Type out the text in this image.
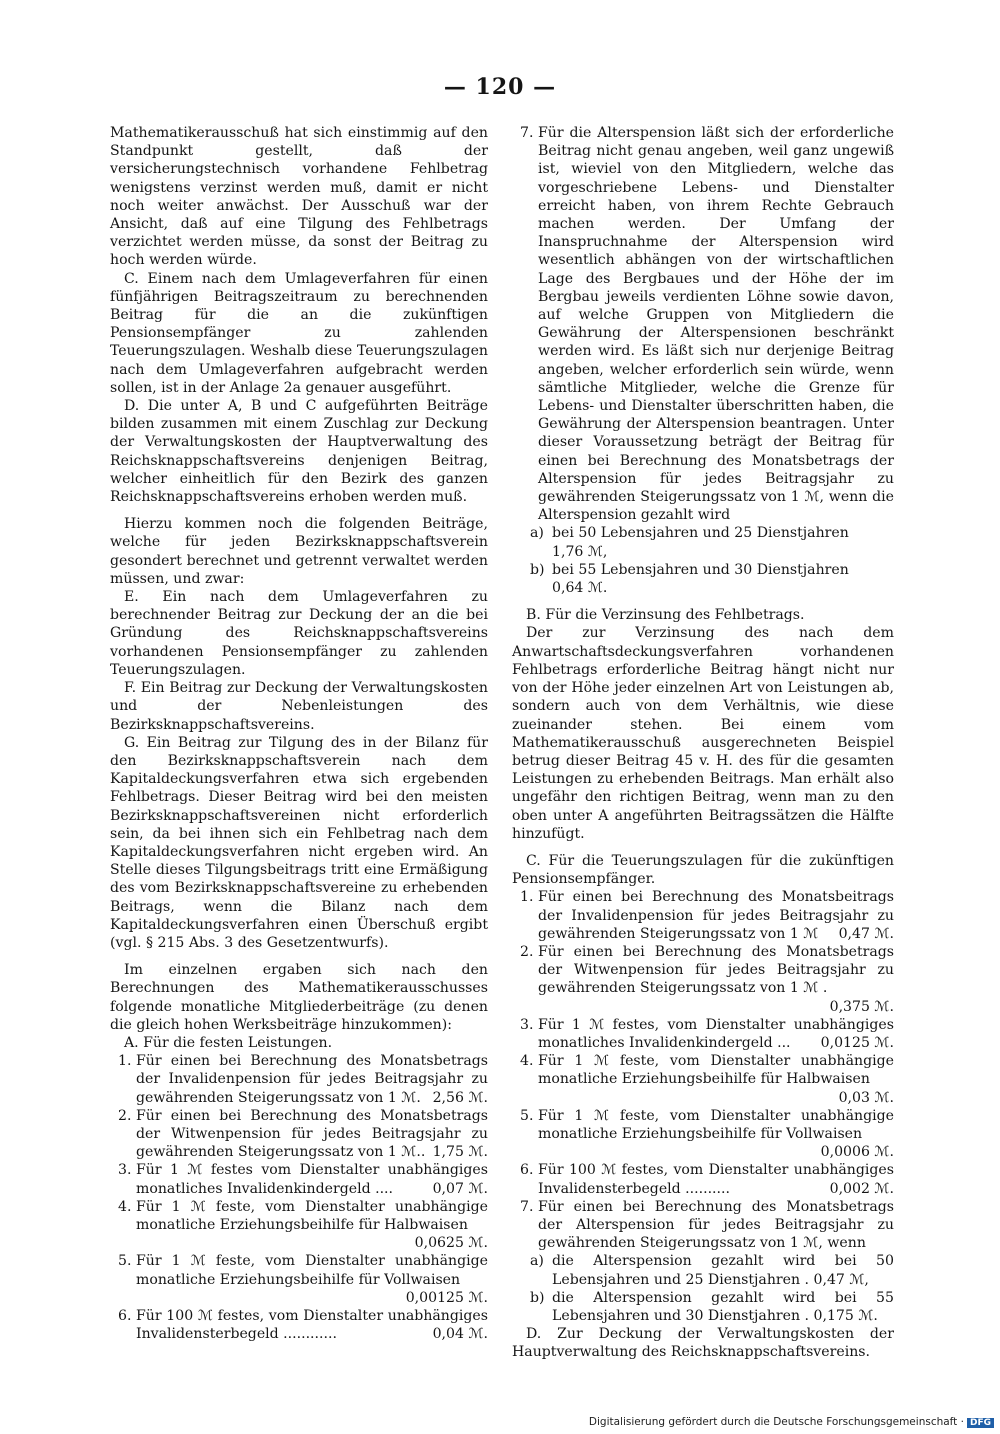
— 120 —

Mathematikerausschuß hat sich einstimmig auf den Standpunkt gestellt, daß der versicherungstechnisch vorhandene Fehlbetrag wenigstens verzinst werden muß, damit er nicht noch weiter anwächst. Der Ausschuß war der Ansicht, daß auf eine Tilgung des Fehlbetrags verzichtet werden müsse, da sonst der Beitrag zu hoch werden würde.

C. Einem nach dem Umlageverfahren für einen fünfjährigen Beitragszeitraum zu berechnenden Beitrag für die an die zukünftigen Pensionsempfänger zu zahlenden Teuerungszulagen. Weshalb diese Teuerungszulagen nach dem Umlageverfahren aufgebracht werden sollen, ist in der Anlage 2a genauer ausgeführt.

D. Die unter A, B und C aufgeführten Beiträge bilden zusammen mit einem Zuschlag zur Deckung der Verwaltungskosten der Hauptverwaltung des Reichsknappschaftsvereins denjenigen Beitrag, welcher einheitlich für den Bezirk des ganzen Reichsknappschaftsvereins erhoben werden muß.

Hierzu kommen noch die folgenden Beiträge, welche für jeden Bezirksknappschaftsverein gesondert berechnet und getrennt verwaltet werden müssen, und zwar:

E. Ein nach dem Umlageverfahren zu berechnender Beitrag zur Deckung der an die bei Gründung des Reichsknappschaftsvereins vorhandenen Pensionsempfänger zu zahlenden Teuerungszulagen.

F. Ein Beitrag zur Deckung der Verwaltungskosten und der Nebenleistungen des Bezirksknappschaftsvereins.

G. Ein Beitrag zur Tilgung des in der Bilanz für den Bezirksknappschaftsverein nach dem Kapitaldeckungsverfahren etwa sich ergebenden Fehlbetrags. Dieser Beitrag wird bei den meisten Bezirksknappschaftsvereinen nicht erforderlich sein, da bei ihnen sich ein Fehlbetrag nach dem Kapitaldeckungsverfahren nicht ergeben wird. An Stelle dieses Tilgungsbeitrags tritt eine Ermäßigung des vom Bezirksknappschaftsvereine zu erhebenden Beitrags, wenn die Bilanz nach dem Kapitaldeckungsverfahren einen Überschuß ergibt (vgl. § 215 Abs. 3 des Gesetzentwurfs).

Im einzelnen ergaben sich nach den Berechnungen des Mathematikerausschusses folgende monatliche Mitgliederbeiträge (zu denen die gleich hohen Werksbeiträge hinzukommen):

A. Für die festen Leistungen.

1. Für einen bei Berechnung des Monatsbetrags der Invalidenpension für jedes Beitragsjahr zu gewährenden Steigerungssatz von 1 ℳ. 2,56 ℳ.
2. Für einen bei Berechnung des Monatsbetrags der Witwenpension für jedes Beitragsjahr zu gewährenden Steigerungssatz von 1 ℳ.. 1,75 ℳ.
3. Für 1 ℳ festes vom Dienstalter unabhängiges monatliches Invalidenkindergeld ....	0,07 ℳ.
4. Für 1 ℳ feste, vom Dienstalter unabhängige monatliche Erziehungsbeihilfe für Halbwaisen
0,0625 ℳ.
5. Für 1 ℳ feste, vom Dienstalter unabhängige monatliche Erziehungsbeihilfe für Vollwaisen
0,00125 ℳ.
6. Für 100 ℳ festes, vom Dienstalter unabhängiges Invalidensterbegeld ............	0,04 ℳ.
7. Für die Alterspension läßt sich der erforderliche Beitrag nicht genau angeben, weil ganz ungewiß ist, wieviel von den Mitgliedern, welche das vorgeschriebene Lebens- und Dienstalter erreicht haben, von ihrem Rechte Gebrauch machen werden. Der Umfang der Inanspruchnahme der Alterspension wird wesentlich abhängen von der wirtschaftlichen Lage des Bergbaues und der Höhe der im Bergbau jeweils verdienten Löhne sowie davon, auf welche Gruppen von Mitgliedern die Gewährung der Alterspensionen beschränkt werden wird. Es läßt sich nur derjenige Beitrag angeben, welcher erforderlich sein würde, wenn sämtliche Mitglieder, welche die Grenze für Lebens- und Dienstalter überschritten haben, die Gewährung der Alterspension beantragen. Unter dieser Voraussetzung beträgt der Beitrag für einen bei Berechnung des Monatsbetrags der Alterspension für jedes Beitragsjahr zu gewährenden Steigerungssatz von 1 ℳ, wenn die Alterspension gezahlt wird
a) bei 50 Lebensjahren und 25 Dienstjahren
1,76 ℳ,
b) bei 55 Lebensjahren und 30 Dienstjahren
0,64 ℳ.

B. Für die Verzinsung des Fehlbetrags.

Der zur Verzinsung des nach dem Anwartschaftsdeckungsverfahren vorhandenen Fehlbetrags erforderliche Beitrag hängt nicht nur von der Höhe jeder einzelnen Art von Leistungen ab, sondern auch von dem Verhältnis, wie diese zueinander stehen. Bei einem vom Mathematikerausschuß ausgerechneten Beispiel betrug dieser Beitrag 45 v. H. des für die gesamten Leistungen zu erhebenden Beitrags. Man erhält also ungefähr den richtigen Beitrag, wenn man zu den oben unter A angeführten Beitragssätzen die Hälfte hinzufügt.

C. Für die Teuerungszulagen für die zukünftigen Pensionsempfänger.

1. Für einen bei Berechnung des Monatsbeitrags der Invalidenpension für jedes Beitragsjahr zu gewährenden Steigerungssatz von 1 ℳ 0,47 ℳ.
2. Für einen bei Berechnung des Monatsbetrags der Witwenpension für jedes Beitragsjahr zu gewährenden Steigerungssatz von 1 ℳ .
0,375 ℳ.
3. Für 1 ℳ festes, vom Dienstalter unabhängiges monatliches Invalidenkindergeld ... 0,0125 ℳ.
4. Für 1 ℳ feste, vom Dienstalter unabhängige monatliche Erziehungsbeihilfe für Halbwaisen
0,03 ℳ.
5. Für 1 ℳ feste, vom Dienstalter unabhängige monatliche Erziehungsbeihilfe für Vollwaisen
0,0006 ℳ.
6. Für 100 ℳ festes, vom Dienstalter unabhängiges Invalidensterbegeld ..........	0,002 ℳ.
7. Für einen bei Berechnung des Monatsbetrags der Alterspension für jedes Beitragsjahr zu gewährenden Steigerungssatz von 1 ℳ, wenn
a) die Alterspension gezahlt wird bei 50 Lebensjahren und 25 Dienstjahren . 0,47 ℳ,
b) die Alterspension gezahlt wird bei 55 Lebensjahren und 30 Dienstjahren . 0,175 ℳ.

D. Zur Deckung der Verwaltungskosten der Hauptverwaltung des Reichsknappschaftsvereins.

Digitalisierung gefördert durch die Deutsche Forschungsgemeinschaft · DFG
